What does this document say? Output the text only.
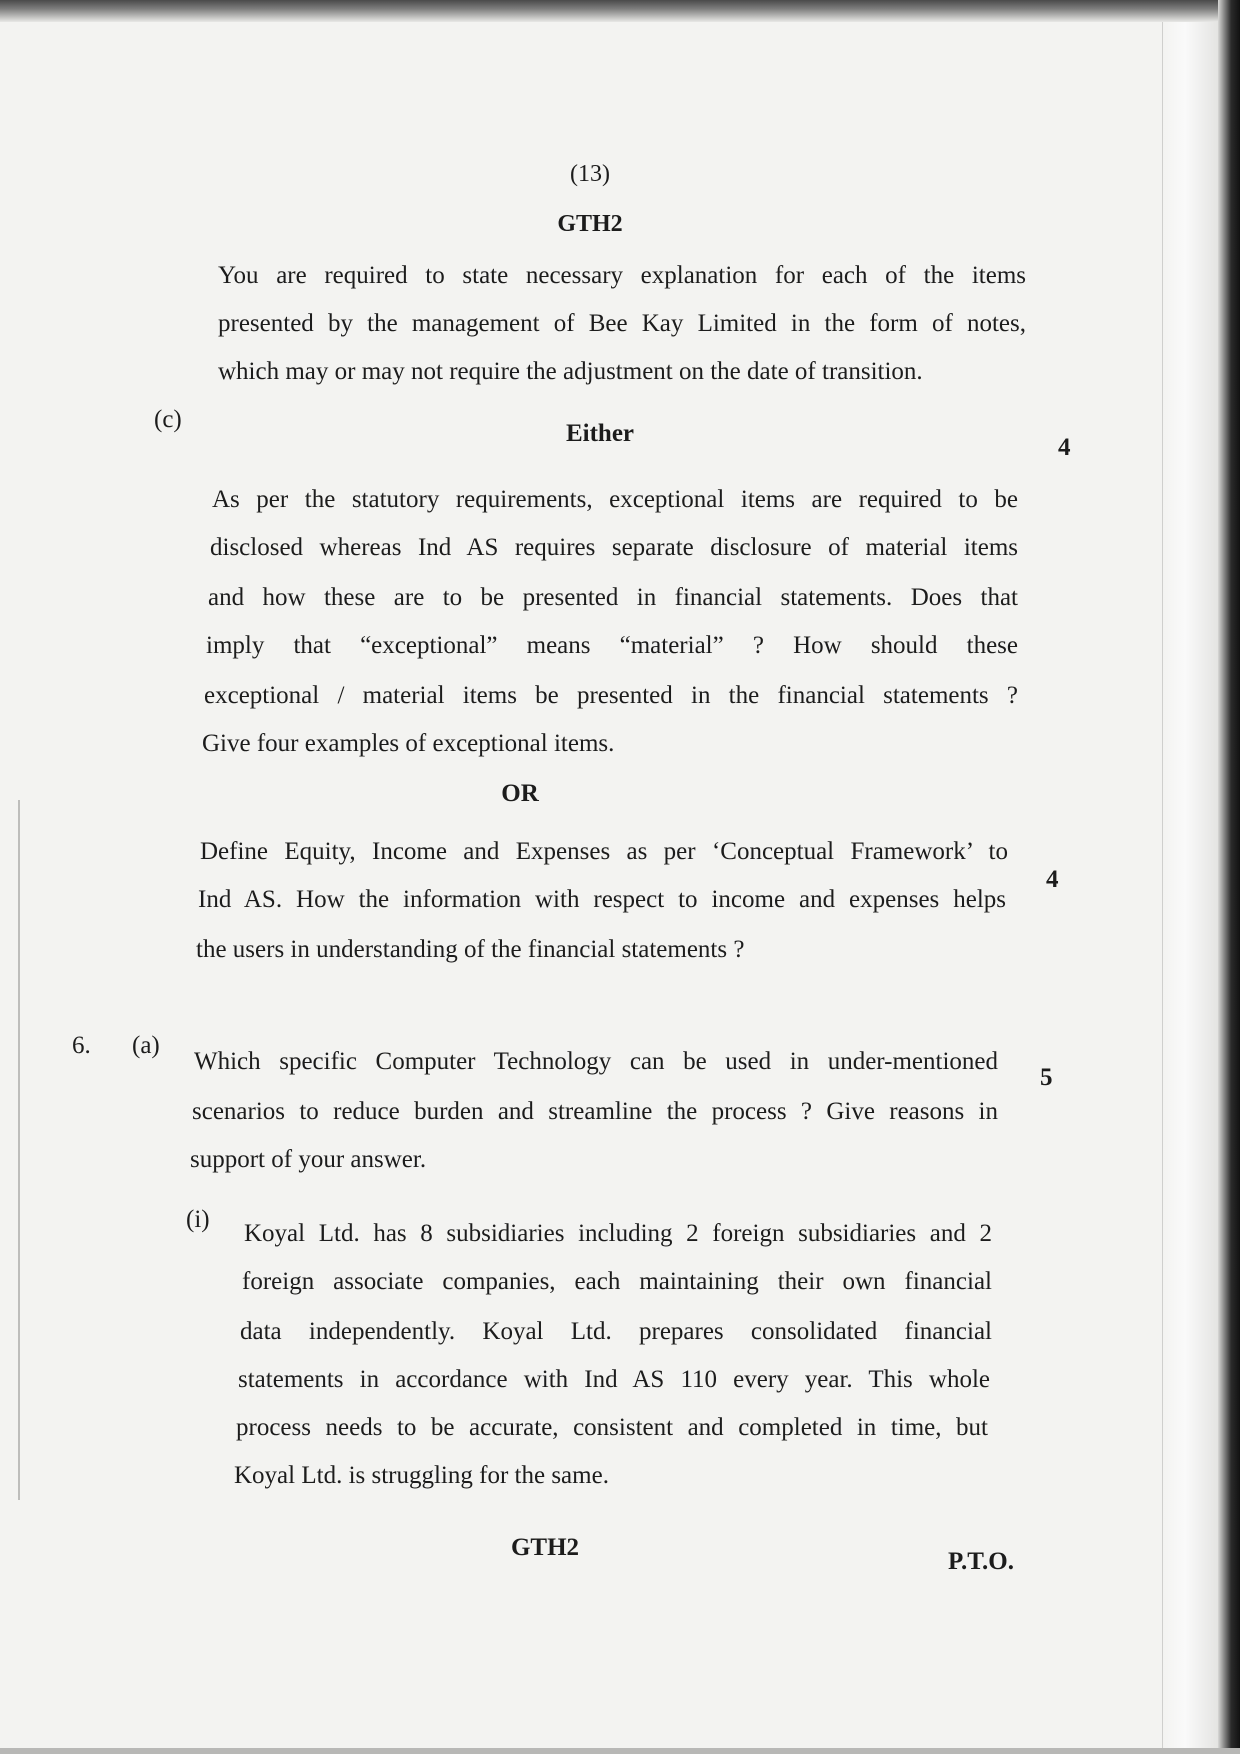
(13)

GTH2

You are required to state necessary explanation for each of the items

presented by the management of Bee Kay Limited in the form of notes,

which may or may not require the adjustment on the date of transition.

(c)

Either

4

As per the statutory requirements, exceptional items are required to be

disclosed whereas Ind AS requires separate disclosure of material items

and how these are to be presented in financial statements. Does that

imply that “exceptional” means “material” ? How should these

exceptional / material items be presented in the financial statements ?

Give four examples of exceptional items.

OR

Define Equity, Income and Expenses as per ‘Conceptual Framework’ to

4

Ind AS. How the information with respect to income and expenses helps

the users in understanding of the financial statements ?

6.	(a)

5

Which specific Computer Technology can be used in under-mentioned

scenarios to reduce burden and streamline the process ? Give reasons in

support of your answer.

(i)

Koyal Ltd. has 8 subsidiaries including 2 foreign subsidiaries and 2

foreign associate companies, each maintaining their own financial

data independently. Koyal Ltd. prepares consolidated financial

statements in accordance with Ind AS 110 every year. This whole

process needs to be accurate, consistent and completed in time, but

Koyal Ltd. is struggling for the same.

GTH2

P.T.O.
